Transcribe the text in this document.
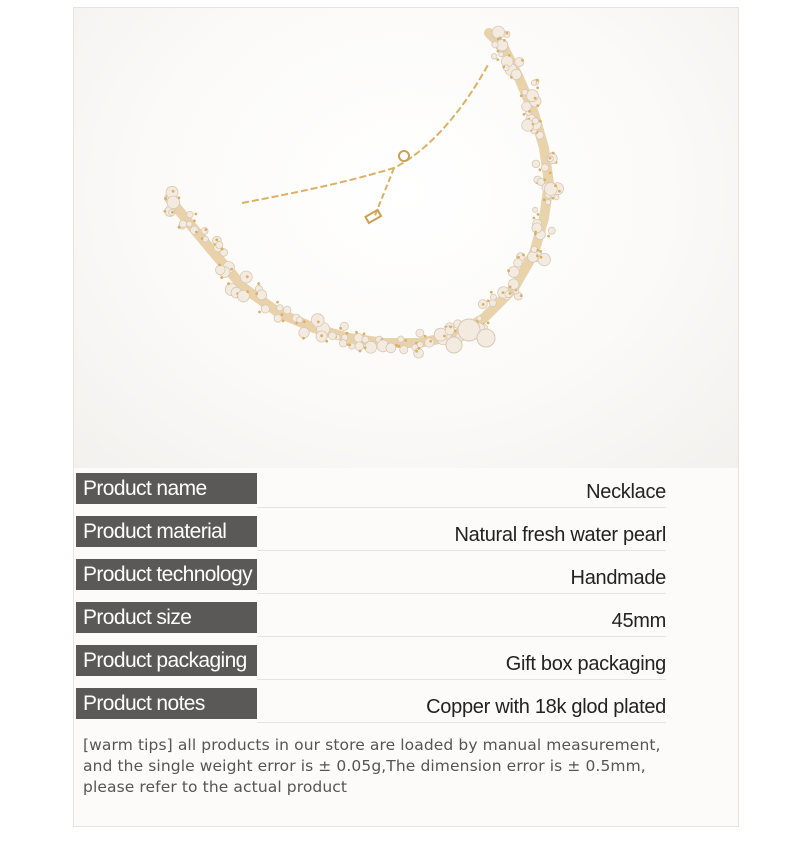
Product name	Necklace
Product material	Natural fresh water pearl
Product technology	Handmade
Product size	45mm
Product packaging	Gift box packaging
Product notes	Copper with 18k glod plated
[warm tips] all products in our store are loaded by manual measurement,
and the single weight error is ± 0.05g,The dimension error is ± 0.5mm,
please refer to the actual product
